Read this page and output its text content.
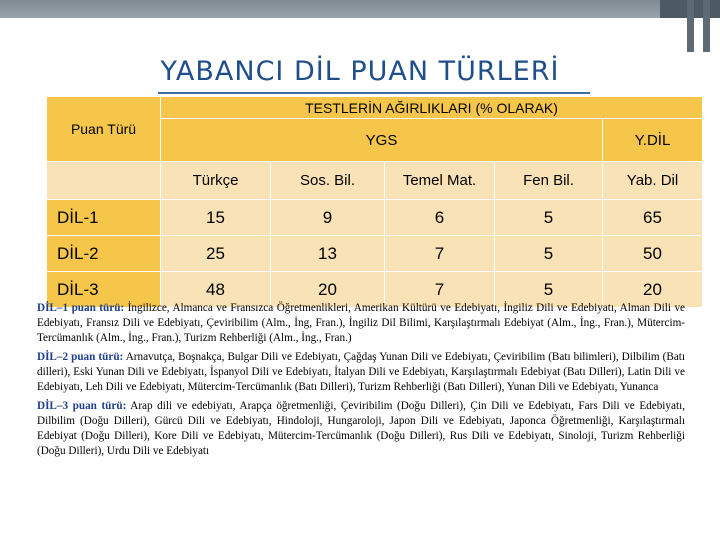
YABANCI DİL PUAN TÜRLERİ
Puan Türü	TESTLERİN AĞIRLIKLARI (% OLARAK)				
	YGS				Y.DİL
	Türkçe	Sos. Bil.	Temel Mat.	Fen Bil.	Yab. Dil
DİL-1	15	9	6	5	65
DİL-2	25	13	7	5	50
DİL-3	48	20	7	5	20

DİL–1 puan türü: İngilizce, Almanca ve Fransızca Öğretmenlikleri, Amerikan Kültürü ve Edebiyatı, İngiliz Dili ve Edebiyatı, Alman Dili ve Edebiyatı, Fransız Dili ve Edebiyatı, Çeviribilim (Alm., İng, Fran.), İngiliz Dil Bilimi, Karşılaştırmalı Edebiyat (Alm., İng., Fran.), Mütercim-Tercümanlık (Alm., İng., Fran.), Turizm Rehberliği (Alm., İng., Fran.)

DİL–2 puan türü: Arnavutça, Boşnakça, Bulgar Dili ve Edebiyatı, Çağdaş Yunan Dili ve Edebiyatı, Çeviribilim (Batı bilimleri), Dilbilim (Batı dilleri), Eski Yunan Dili ve Edebiyatı, İspanyol Dili ve Edebiyatı, İtalyan Dili ve Edebiyatı, Karşılaştırmalı Edebiyat (Batı Dilleri), Latin Dili ve Edebiyatı, Leh Dili ve Edebiyatı, Mütercim-Tercümanlık (Batı Dilleri), Turizm Rehberliği (Batı Dilleri), Yunan Dili ve Edebiyatı, Yunanca

DİL–3 puan türü: Arap dili ve edebiyatı, Arapça öğretmenliği, Çeviribilim (Doğu Dilleri), Çin Dili ve Edebiyatı, Fars Dili ve Edebiyatı, Dilbilim (Doğu Dilleri), Gürcü Dili ve Edebiyatı, Hindoloji, Hungaroloji, Japon Dili ve Edebiyatı, Japonca Öğretmenliği, Karşılaştırmalı Edebiyat (Doğu Dilleri), Kore Dili ve Edebiyatı, Mütercim-Tercümanlık (Doğu Dilleri), Rus Dili ve Edebiyatı, Sinoloji, Turizm Rehberliği (Doğu Dilleri), Urdu Dili ve Edebiyatı
